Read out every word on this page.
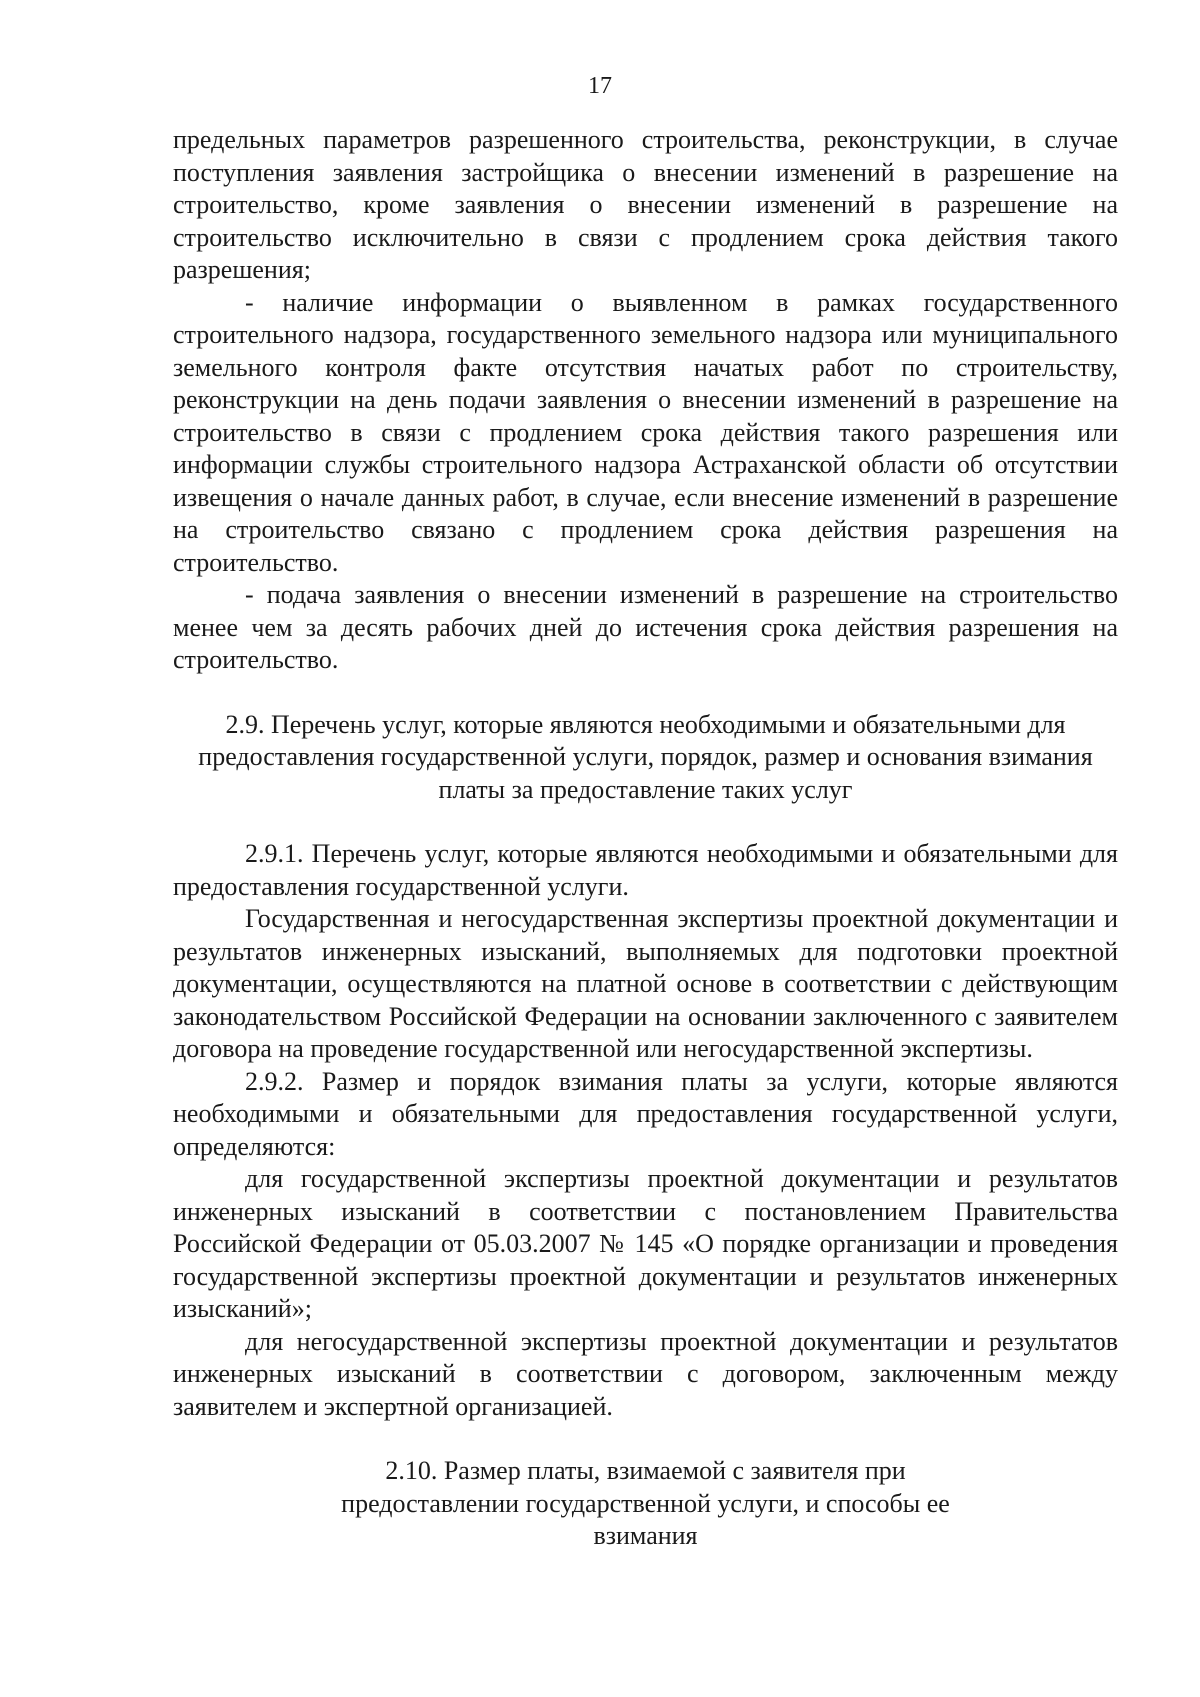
17

предельных параметров разрешенного строительства, реконструкции, в случае поступления заявления застройщика о внесении изменений в разрешение на строительство, кроме заявления о внесении изменений в разрешение на строительство исключительно в связи с продлением срока действия такого разрешения;

- наличие информации о выявленном в рамках государственного строительного надзора, государственного земельного надзора или муниципального земельного контроля факте отсутствия начатых работ по строительству, реконструкции на день подачи заявления о внесении изменений в разрешение на строительство в связи с продлением срока действия такого разрешения или информации службы строительного надзора Астраханской области об отсутствии извещения о начале данных работ, в случае, если внесение изменений в разрешение на строительство связано с продлением срока действия разрешения на строительство.

- подача заявления о внесении изменений в разрешение на строительство менее чем за десять рабочих дней до истечения срока действия разрешения на строительство.

2.9. Перечень услуг, которые являются необходимыми и обязательными для предоставления государственной услуги, порядок, размер и основания взимания платы за предоставление таких услуг

2.9.1. Перечень услуг, которые являются необходимыми и обязательными для предоставления государственной услуги.

Государственная и негосударственная экспертизы проектной документации и результатов инженерных изысканий, выполняемых для подготовки проектной документации, осуществляются на платной основе в соответствии с действующим законодательством Российской Федерации на основании заключенного с заявителем договора на проведение государственной или негосударственной экспертизы.

2.9.2. Размер и порядок взимания платы за услуги, которые являются необходимыми и обязательными для предоставления государственной услуги, определяются:

для государственной экспертизы проектной документации и результатов инженерных изысканий в соответствии с постановлением Правительства Российской Федерации от 05.03.2007 № 145 «О порядке организации и проведения государственной экспертизы проектной документации и результатов инженерных изысканий»;

для негосударственной экспертизы проектной документации и результатов инженерных изысканий в соответствии с договором, заключенным между заявителем и экспертной организацией.

2.10. Размер платы, взимаемой с заявителя при предоставлении государственной услуги, и способы ее взимания
